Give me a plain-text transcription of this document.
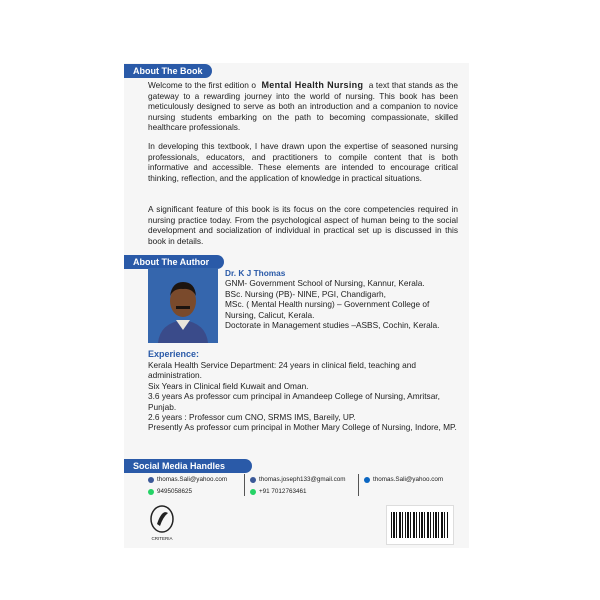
About The Book

Welcome to the first edition o Mental Health Nursing a text that stands as the gateway to a rewarding journey into the world of nursing. This book has been meticulously designed to serve as both an introduction and a companion to novice nursing students embarking on the path to becoming compassionate, skilled healthcare professionals.

In developing this textbook, I have drawn upon the expertise of seasoned nursing professionals, educators, and practitioners to compile content that is both informative and accessible. These elements are intended to encourage critical thinking, reflection, and the application of knowledge in practical situations.

A significant feature of this book is its focus on the core competencies required in nursing practice today. From the psychological aspect of human being to the social development and socialization of individual in practical set up is discussed in this book in details.

About The Author
Dr. K J Thomas
GNM- Government School of Nursing, Kannur, Kerala.
BSc. Nursing (PB)- NINE, PGI, Chandigarh,
MSc. ( Mental Health nursing) – Government College of Nursing, Calicut, Kerala.
Doctorate in Management studies –ASBS, Cochin, Kerala.
Experience:

Kerala Health Service Department: 24 years in clinical field, teaching and administration.

Six Years in Clinical field Kuwait and Oman.

3.6 years As professor cum principal in Amandeep College of Nursing, Amritsar, Punjab.

2.6 years : Professor cum CNO, SRMS IMS, Bareily, UP.

Presently As professor cum principal in Mother Mary College of Nursing, Indore, MP.

Social Media Handles
thomas.Sali@yahoo.com
9495058625
thomas.joseph133@gmail.com
+91 7012763461
thomas.Sali@yahoo.com
CRITERIA
